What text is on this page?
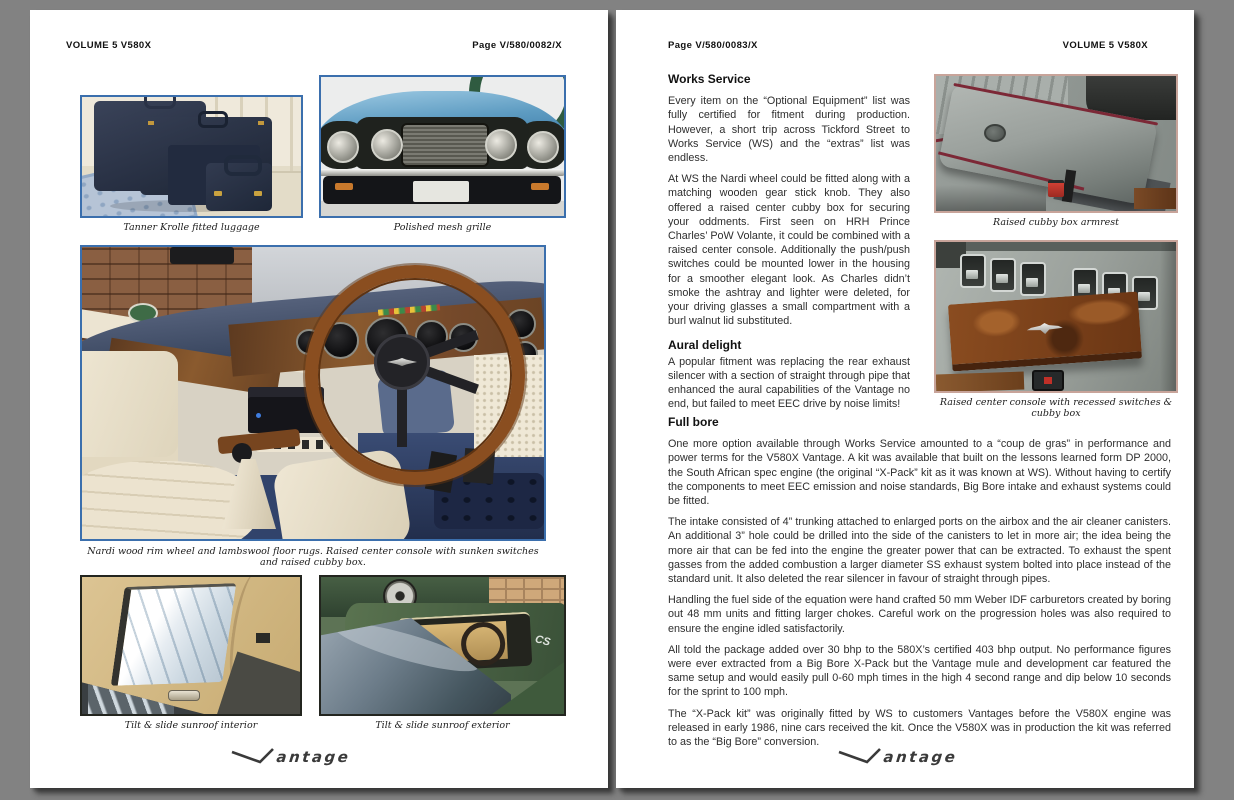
VOLUME 5 V580X	Page V/580/0082/X
Tanner Krolle fitted luggage	Polished mesh grille
Nardi wood rim wheel and lambswool floor rugs. Raised center console with sunken switches and raised cubby box.
Tilt & slide sunroof interior
CS
Tilt & slide sunroof exterior
antage
Page V/580/0083/X	VOLUME 5 V580X

Works Service

Every item on the “Optional Equipment” list was fully certified for fitment during production. However, a short trip across Tickford Street to Works Service (WS) and the “extras” list was endless.

At WS the Nardi wheel could be fitted along with a matching wooden gear stick knob. They also offered a raised center cubby box for securing your oddments. First seen on HRH Prince Charles’ PoW Volante, it could be combined with a raised center console. Additionally the push/push switches could be mounted lower in the housing for a smoother elegant look. As Charles didn’t smoke the ashtray and lighter were deleted, for your driving glasses a small compartment with a burl walnut lid substituted.

Aural delight

A popular fitment was replacing the rear exhaust silencer with a section of straight through pipe that enhanced the aural capabilities of the Vantage no end, but failed to meet EEC drive by noise limits!

Raised cubby box armrest
Raised center console with recessed switches & cubby box

Full bore

One more option available through Works Service amounted to a “coup de gras” in performance and power terms for the V580X Vantage. A kit was available that built on the lessons learned form DP 2000, the South African spec engine (the original “X-Pack” kit as it was known at WS). Without having to certify the components to meet EEC emission and noise standards, Big Bore intake and exhaust systems could be fitted.

The intake consisted of 4” trunking attached to enlarged ports on the airbox and the air cleaner canisters. An additional 3” hole could be drilled into the side of the canisters to let in more air; the idea being the more air that can be fed into the engine the greater power that can be extracted. To exhaust the spent gasses from the added combustion a larger diameter SS exhaust system bolted into place instead of the standard unit. It also deleted the rear silencer in favour of straight through pipes.

Handling the fuel side of the equation were hand crafted 50 mm Weber IDF carburetors created by boring out 48 mm units and fitting larger chokes. Careful work on the progression holes was also required to ensure the engine idled satisfactorily.

All told the package added over 30 bhp to the 580X’s certified 403 bhp output. No performance figures were ever extracted from a Big Bore X-Pack but the Vantage mule and development car featured the same setup and would easily pull 0-60 mph times in the high 4 second range and dip below 10 seconds for the sprint to 100 mph.

The “X-Pack kit” was originally fitted by WS to customers Vantages before the V580X engine was released in early 1986, nine cars received the kit. Once the V580X was in production the kit was referred to as the “Big Bore” conversion.

antage
